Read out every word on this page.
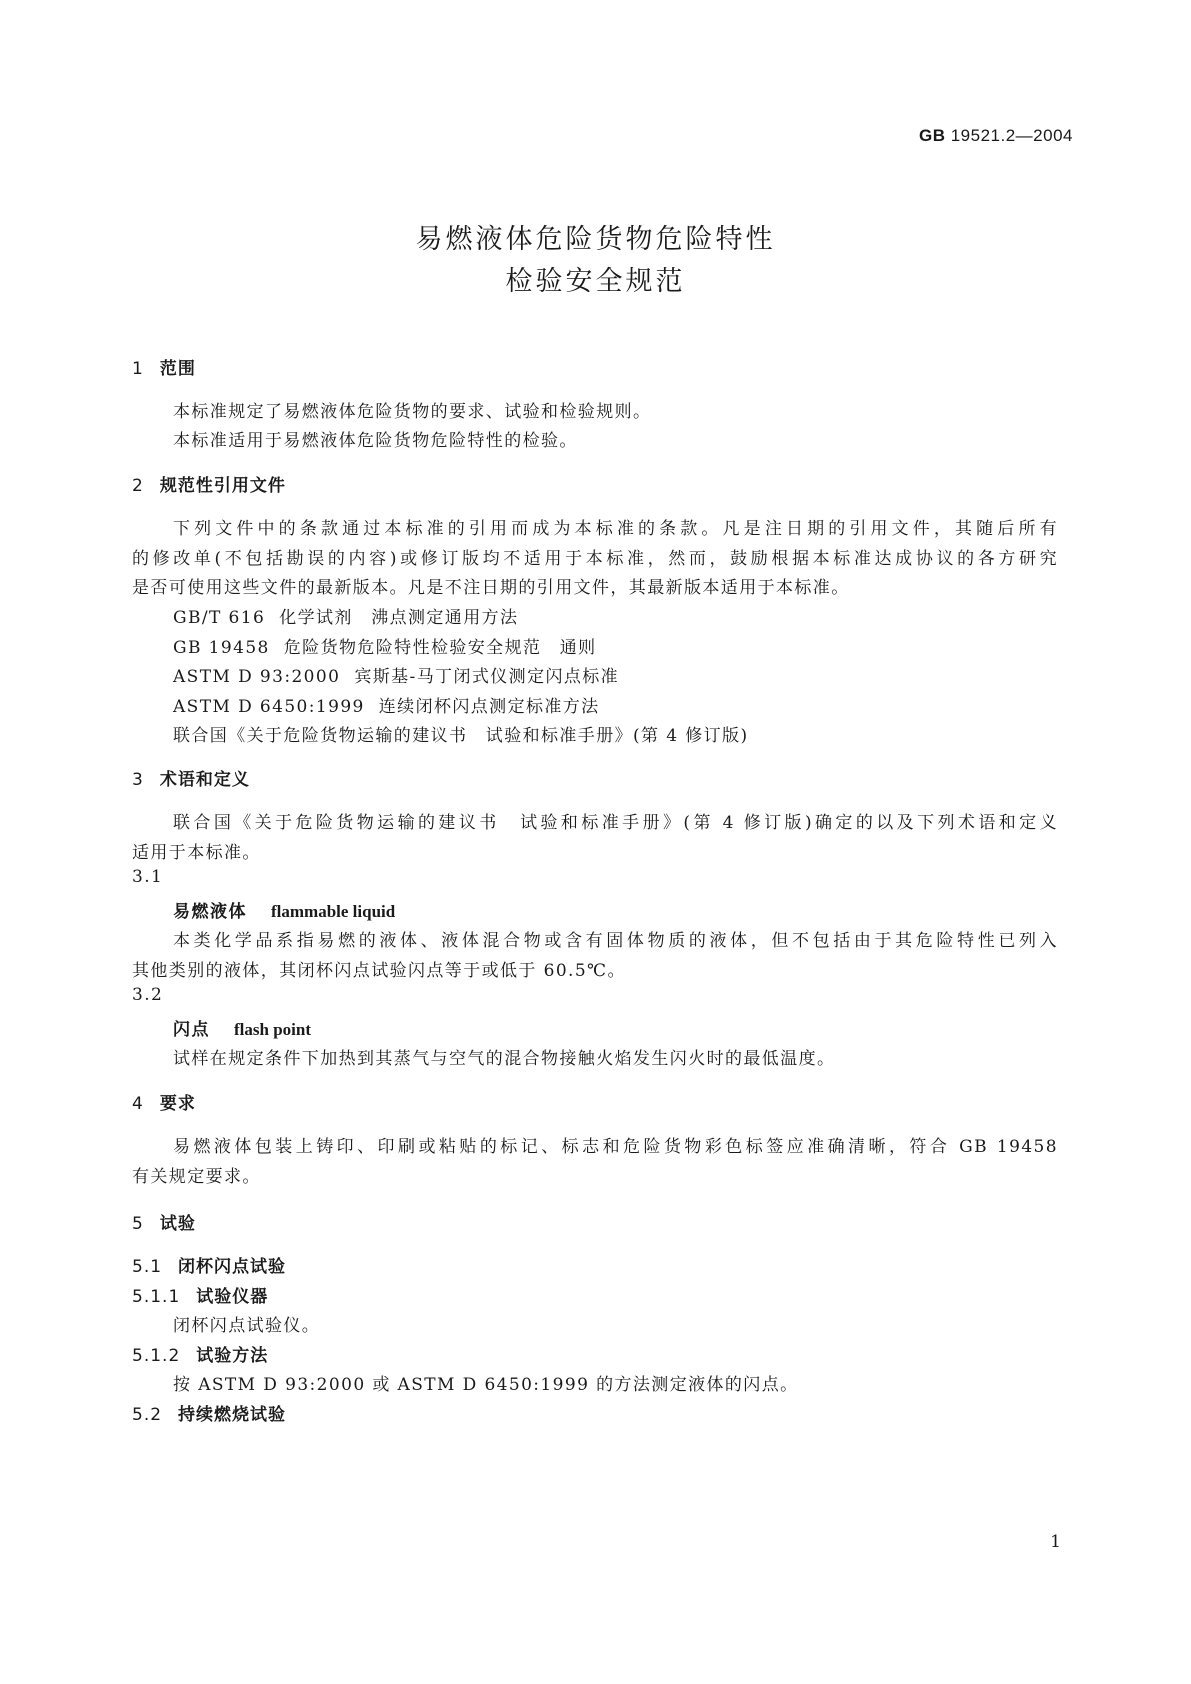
GB 19521.2—2004
易燃液体危险货物危险特性
检验安全规范
1 范围
本标准规定了易燃液体危险货物的要求、试验和检验规则。
本标准适用于易燃液体危险货物危险特性的检验。
2 规范性引用文件
下列文件中的条款通过本标准的引用而成为本标准的条款。凡是注日期的引用文件，其随后所有
的修改单(不包括勘误的内容)或修订版均不适用于本标准，然而，鼓励根据本标准达成协议的各方研究
是否可使用这些文件的最新版本。凡是不注日期的引用文件，其最新版本适用于本标准。
GB/T 616 化学试剂　沸点测定通用方法
GB 19458 危险货物危险特性检验安全规范　通则
ASTM D 93:2000 宾斯基-马丁闭式仪测定闪点标准
ASTM D 6450:1999 连续闭杯闪点测定标准方法
联合国《关于危险货物运输的建议书　试验和标准手册》(第 4 修订版)
3 术语和定义
联合国《关于危险货物运输的建议书　试验和标准手册》(第 4 修订版)确定的以及下列术语和定义
适用于本标准。
3.1
易燃液体 flammable liquid
本类化学品系指易燃的液体、液体混合物或含有固体物质的液体，但不包括由于其危险特性已列入
其他类别的液体，其闭杯闪点试验闪点等于或低于 60.5℃。
3.2
闪点 flash point
试样在规定条件下加热到其蒸气与空气的混合物接触火焰发生闪火时的最低温度。
4 要求
易燃液体包装上铸印、印刷或粘贴的标记、标志和危险货物彩色标签应准确清晰，符合 GB 19458
有关规定要求。
5 试验
5.1 闭杯闪点试验
5.1.1 试验仪器
闭杯闪点试验仪。
5.1.2 试验方法
按 ASTM D 93:2000 或 ASTM D 6450:1999 的方法测定液体的闪点。
5.2 持续燃烧试验
1
